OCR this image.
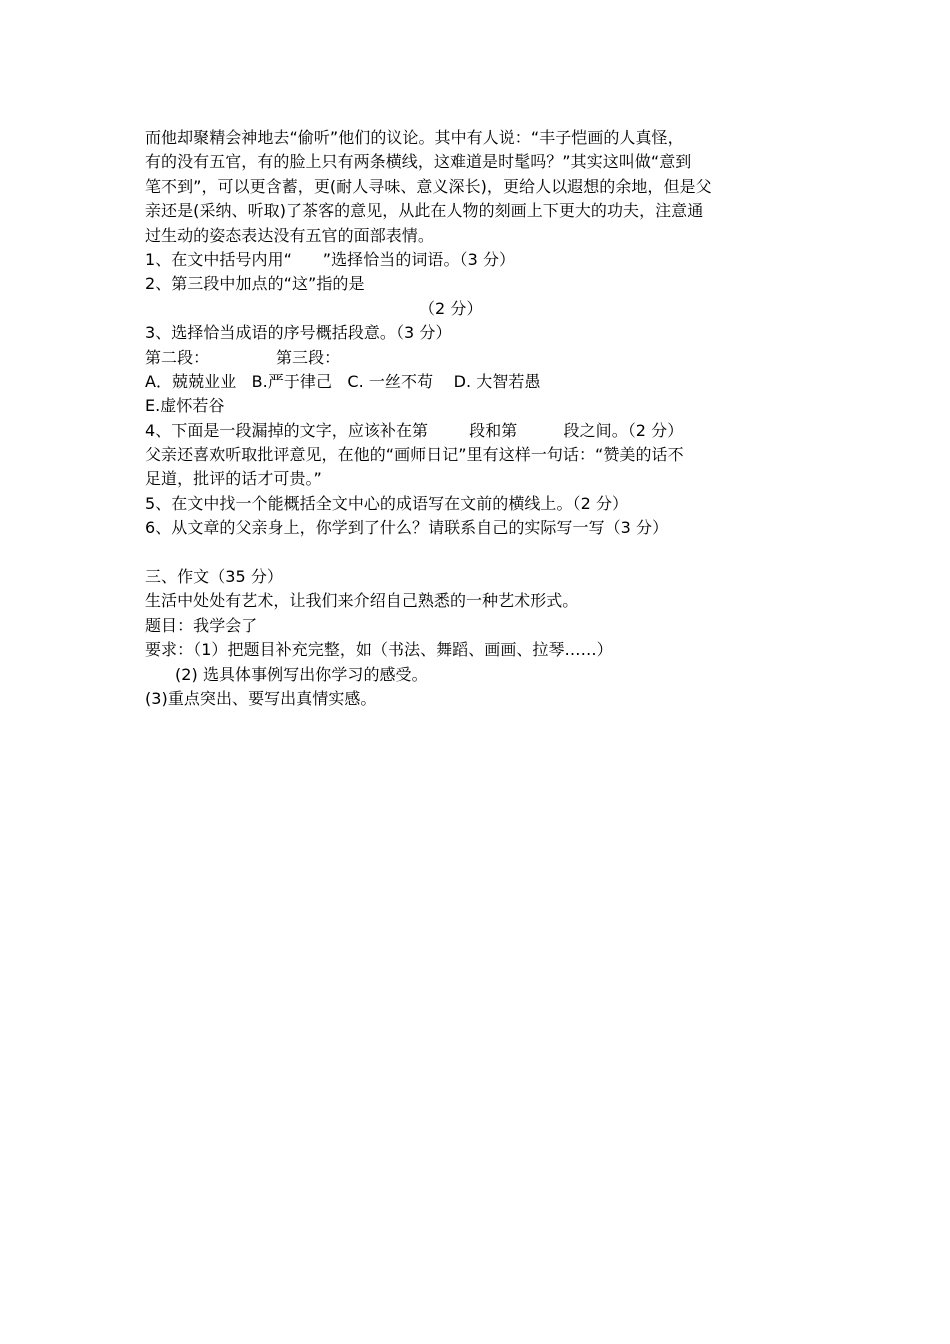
而他却聚精会神地去“偷听”他们的议论。其中有人说：“丰子恺画的人真怪，
有的没有五官，有的脸上只有两条横线，这难道是时髦吗？”其实这叫做“意到
笔不到”，可以更含蓄，更(耐人寻味、意义深长)，更给人以遐想的余地，但是父
亲还是(采纳、听取)了茶客的意见，从此在人物的刻画上下更大的功夫，注意通
过生动的姿态表达没有五官的面部表情。
1、在文中括号内用“      ”选择恰当的词语。（3 分）
2、第三段中加点的“这”指的是
（2 分）
3、选择恰当成语的序号概括段意。（3 分）
第二段：             第三段：
A．兢兢业业   B.严于律己   C. 一丝不苟    D. 大智若愚
E.虚怀若谷
4、下面是一段漏掉的文字，应该补在第        段和第         段之间。（2 分）
父亲还喜欢听取批评意见，在他的“画师日记”里有这样一句话：“赞美的话不
足道，批评的话才可贵。”
5、在文中找一个能概括全文中心的成语写在文前的横线上。（2 分）
6、从文章的父亲身上，你学到了什么？请联系自己的实际写一写（3 分）
三、作文（35 分）
生活中处处有艺术，让我们来介绍自己熟悉的一种艺术形式。
题目：我学会了
要求：（1）把题目补充完整，如（书法、舞蹈、画画、拉琴……）
(2) 选具体事例写出你学习的感受。
(3)重点突出、要写出真情实感。
